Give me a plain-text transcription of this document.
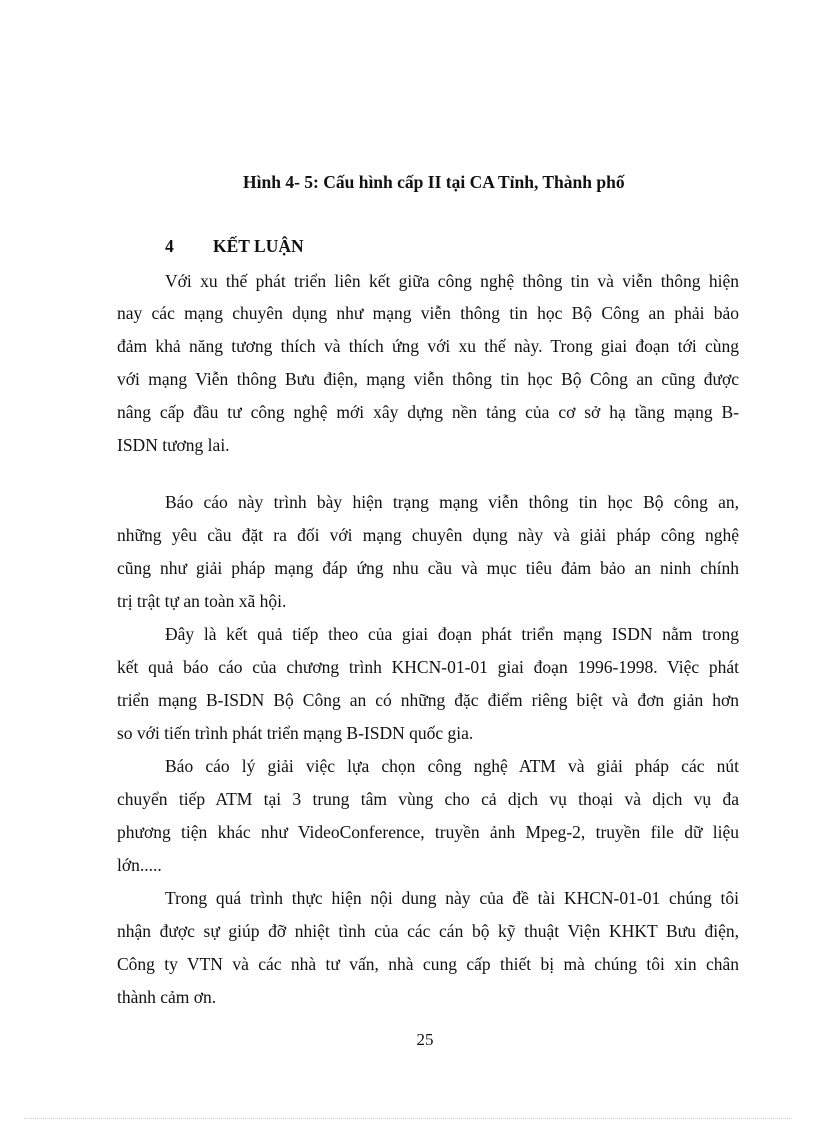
Hình 4- 5: Cấu hình cấp II tại CA Tỉnh, Thành phố
4 KẾT LUẬN
Với xu thế phát triển liên kết giữa công nghệ thông tin và viễn thông hiện
nay các mạng chuyên dụng như mạng viễn thông tin học Bộ Công an phải bảo
đảm khả năng tương thích và thích ứng với xu thế này. Trong giai đoạn tới cùng
với mạng Viễn thông Bưu điện, mạng viễn thông tin học Bộ Công an cũng được
nâng cấp đầu tư công nghệ mới xây dựng nền tảng của cơ sở hạ tầng mạng B-
ISDN tương lai.
Báo cáo này trình bày hiện trạng mạng viễn thông tin học Bộ công an,
những yêu cầu đặt ra đối với mạng chuyên dụng này và giải pháp công nghệ
cũng như giải pháp mạng đáp ứng nhu cầu và mục tiêu đảm bảo an ninh chính
trị trật tự an toàn xã hội.
Đây là kết quả tiếp theo của giai đoạn phát triển mạng ISDN nằm trong
kết quả báo cáo của chương trình KHCN-01-01 giai đoạn 1996-1998. Việc phát
triển mạng B-ISDN Bộ Công an có những đặc điểm riêng biệt và đơn giản hơn
so với tiến trình phát triển mạng B-ISDN quốc gia.
Báo cáo lý giải việc lựa chọn công nghệ ATM và giải pháp các nút
chuyển tiếp ATM tại 3 trung tâm vùng cho cả dịch vụ thoại và dịch vụ đa
phương tiện khác như VideoConference, truyền ảnh Mpeg-2, truyền file dữ liệu
lớn.....
Trong quá trình thực hiện nội dung này của đề tài KHCN-01-01 chúng tôi
nhận được sự giúp đỡ nhiệt tình của các cán bộ kỹ thuật Viện KHKT Bưu điện,
Công ty VTN và các nhà tư vấn, nhà cung cấp thiết bị mà chúng tôi xin chân
thành cảm ơn.
25
